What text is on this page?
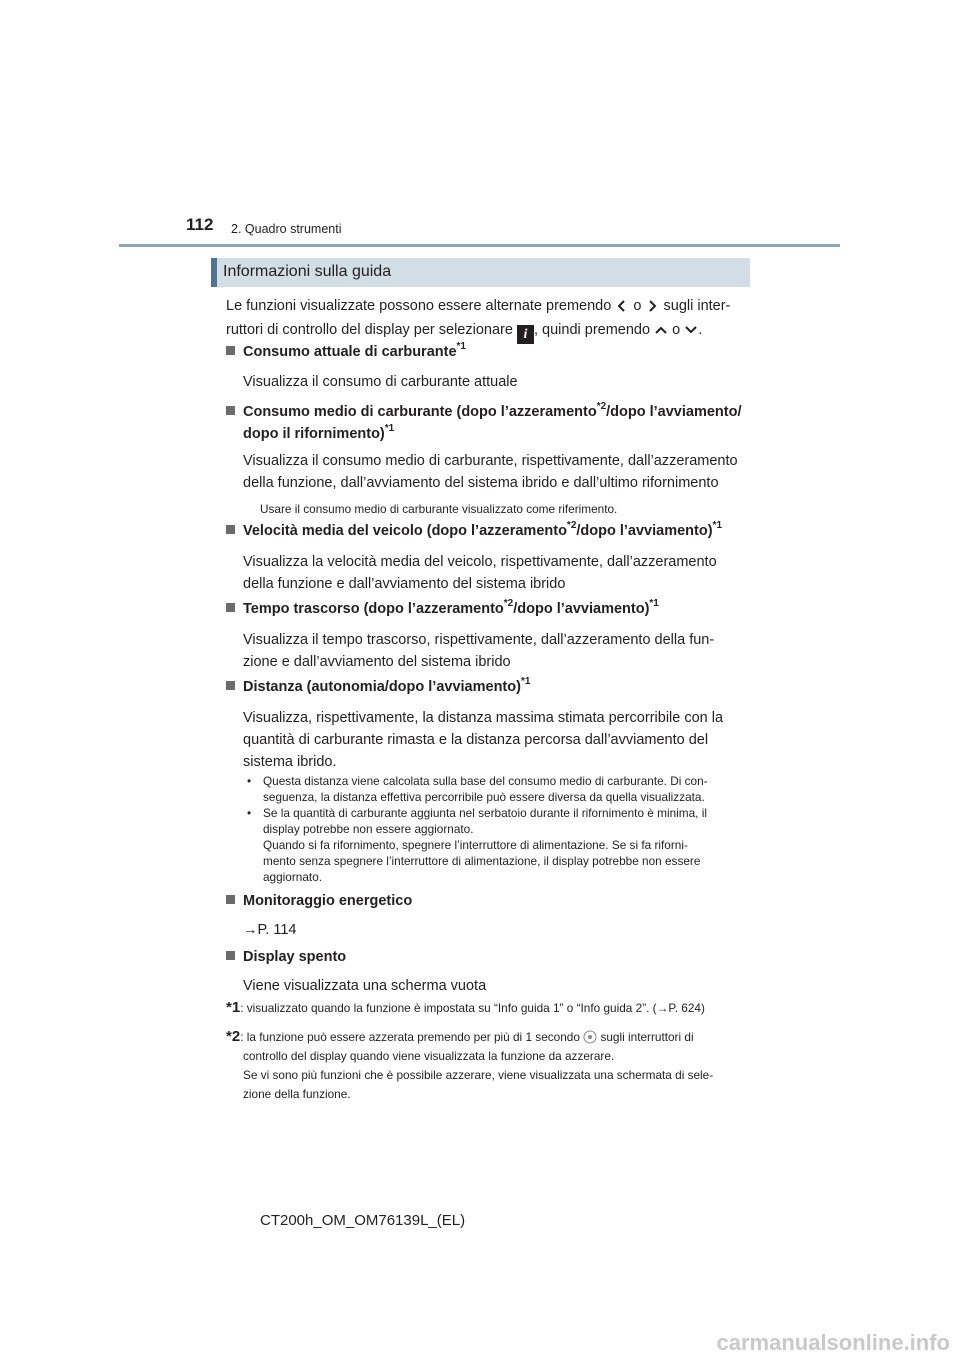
112 2. Quadro strumenti
Informazioni sulla guida
Le funzioni visualizzate possono essere alternate premendo o sugli inter-
ruttori di controllo del display per selezionare i , quindi premendo o .
Consumo attuale di carburante$^{*1}$
Visualizza il consumo di carburante attuale
Consumo medio di carburante (dopo l’azzeramento$^{*2}$/dopo l’avviamento/
dopo il rifornimento)$^{*1}$
Visualizza il consumo medio di carburante, rispettivamente, dall’azzeramento
della funzione, dall’avviamento del sistema ibrido e dall’ultimo rifornimento
Usare il consumo medio di carburante visualizzato come riferimento.
Velocità media del veicolo (dopo l’azzeramento$^{*2}$/dopo l’avviamento)$^{*1}$
Visualizza la velocità media del veicolo, rispettivamente, dall’azzeramento
della funzione e dall’avviamento del sistema ibrido
Tempo trascorso (dopo l’azzeramento$^{*2}$/dopo l’avviamento)$^{*1}$
Visualizza il tempo trascorso, rispettivamente, dall’azzeramento della fun-
zione e dall’avviamento del sistema ibrido
Distanza (autonomia/dopo l’avviamento)$^{*1}$
Visualizza, rispettivamente, la distanza massima stimata percorribile con la
quantità di carburante rimasta e la distanza percorsa dall’avviamento del
sistema ibrido.
•	Questa distanza viene calcolata sulla base del consumo medio di carburante. Di con-
seguenza, la distanza effettiva percorribile può essere diversa da quella visualizzata.
•	Se la quantità di carburante aggiunta nel serbatoio durante il rifornimento è minima, il
display potrebbe non essere aggiornato.
Quando si fa rifornimento, spegnere l’interruttore di alimentazione. Se si fa riforni-
mento senza spegnere l’interruttore di alimentazione, il display potrebbe non essere
aggiornato.
Monitoraggio energetico
→P. 114
Display spento
Viene visualizzata una scherma vuota
*1: visualizzato quando la funzione è impostata su “Info guida 1” o “Info guida 2”. (→P. 624)
*2: la funzione può essere azzerata premendo per più di 1 secondo sugli interruttori di
controllo del display quando viene visualizzata la funzione da azzerare.
Se vi sono più funzioni che è possibile azzerare, viene visualizzata una schermata di sele-
zione della funzione.
CT200h_OM_OM76139L_(EL)
carmanualsonline.info
